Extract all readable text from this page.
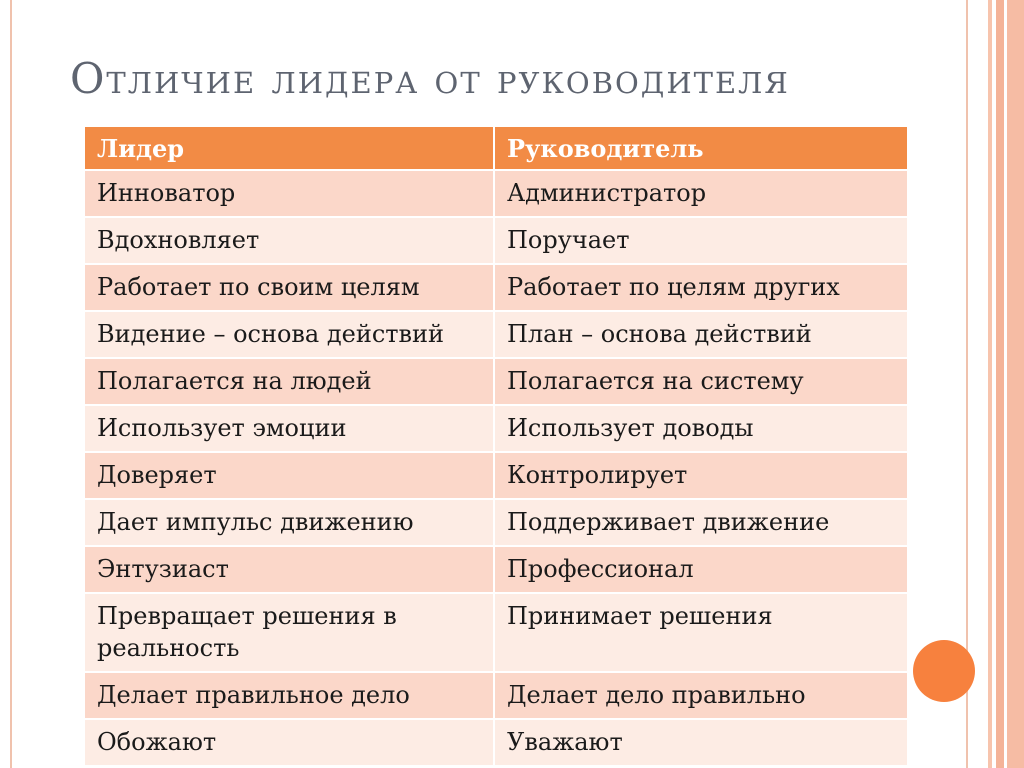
Отличие лидера от руководителя
Лидер	Руководитель
Инноватор	Администратор
Вдохновляет	Поручает
Работает по своим целям	Работает по целям других
Видение – основа действий	План – основа действий
Полагается на людей	Полагается на систему
Использует эмоции	Использует доводы
Доверяет	Контролирует
Дает импульс движению	Поддерживает движение
Энтузиаст	Профессионал
Превращает решения в реальность	Принимает решения
Делает правильное дело	Делает дело правильно
Обожают	Уважают
